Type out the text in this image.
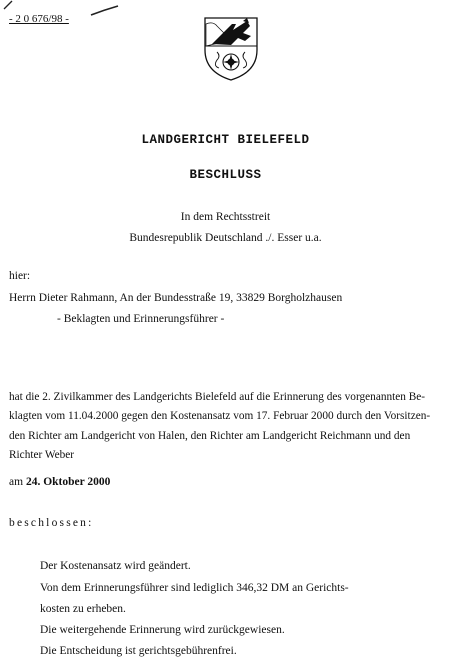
- 2 0 676/98 -
LANDGERICHT BIELEFELD
BESCHLUSS
In dem Rechtsstreit
Bundesrepublik Deutschland ./. Esser u.a.
hier:
Herrn Dieter Rahmann, An der Bundesstraße 19, 33829 Borgholzhausen
- Beklagten und Erinnerungsführer -
hat die 2. Zivilkammer des Landgerichts Bielefeld auf die Erinnerung des vorgenannten Be-
klagten vom 11.04.2000 gegen den Kostenansatz vom 17. Februar 2000 durch den Vorsitzen-
den Richter am Landgericht von Halen, den Richter am Landgericht Reichmann und den
Richter Weber
am 24. Oktober 2000
beschlossen:
Der Kostenansatz wird geändert.
Von dem Erinnerungsführer sind lediglich 346,32 DM an Gerichts-
kosten zu erheben.
Die weitergehende Erinnerung wird zurückgewiesen.
Die Entscheidung ist gerichtsgebührenfrei.
